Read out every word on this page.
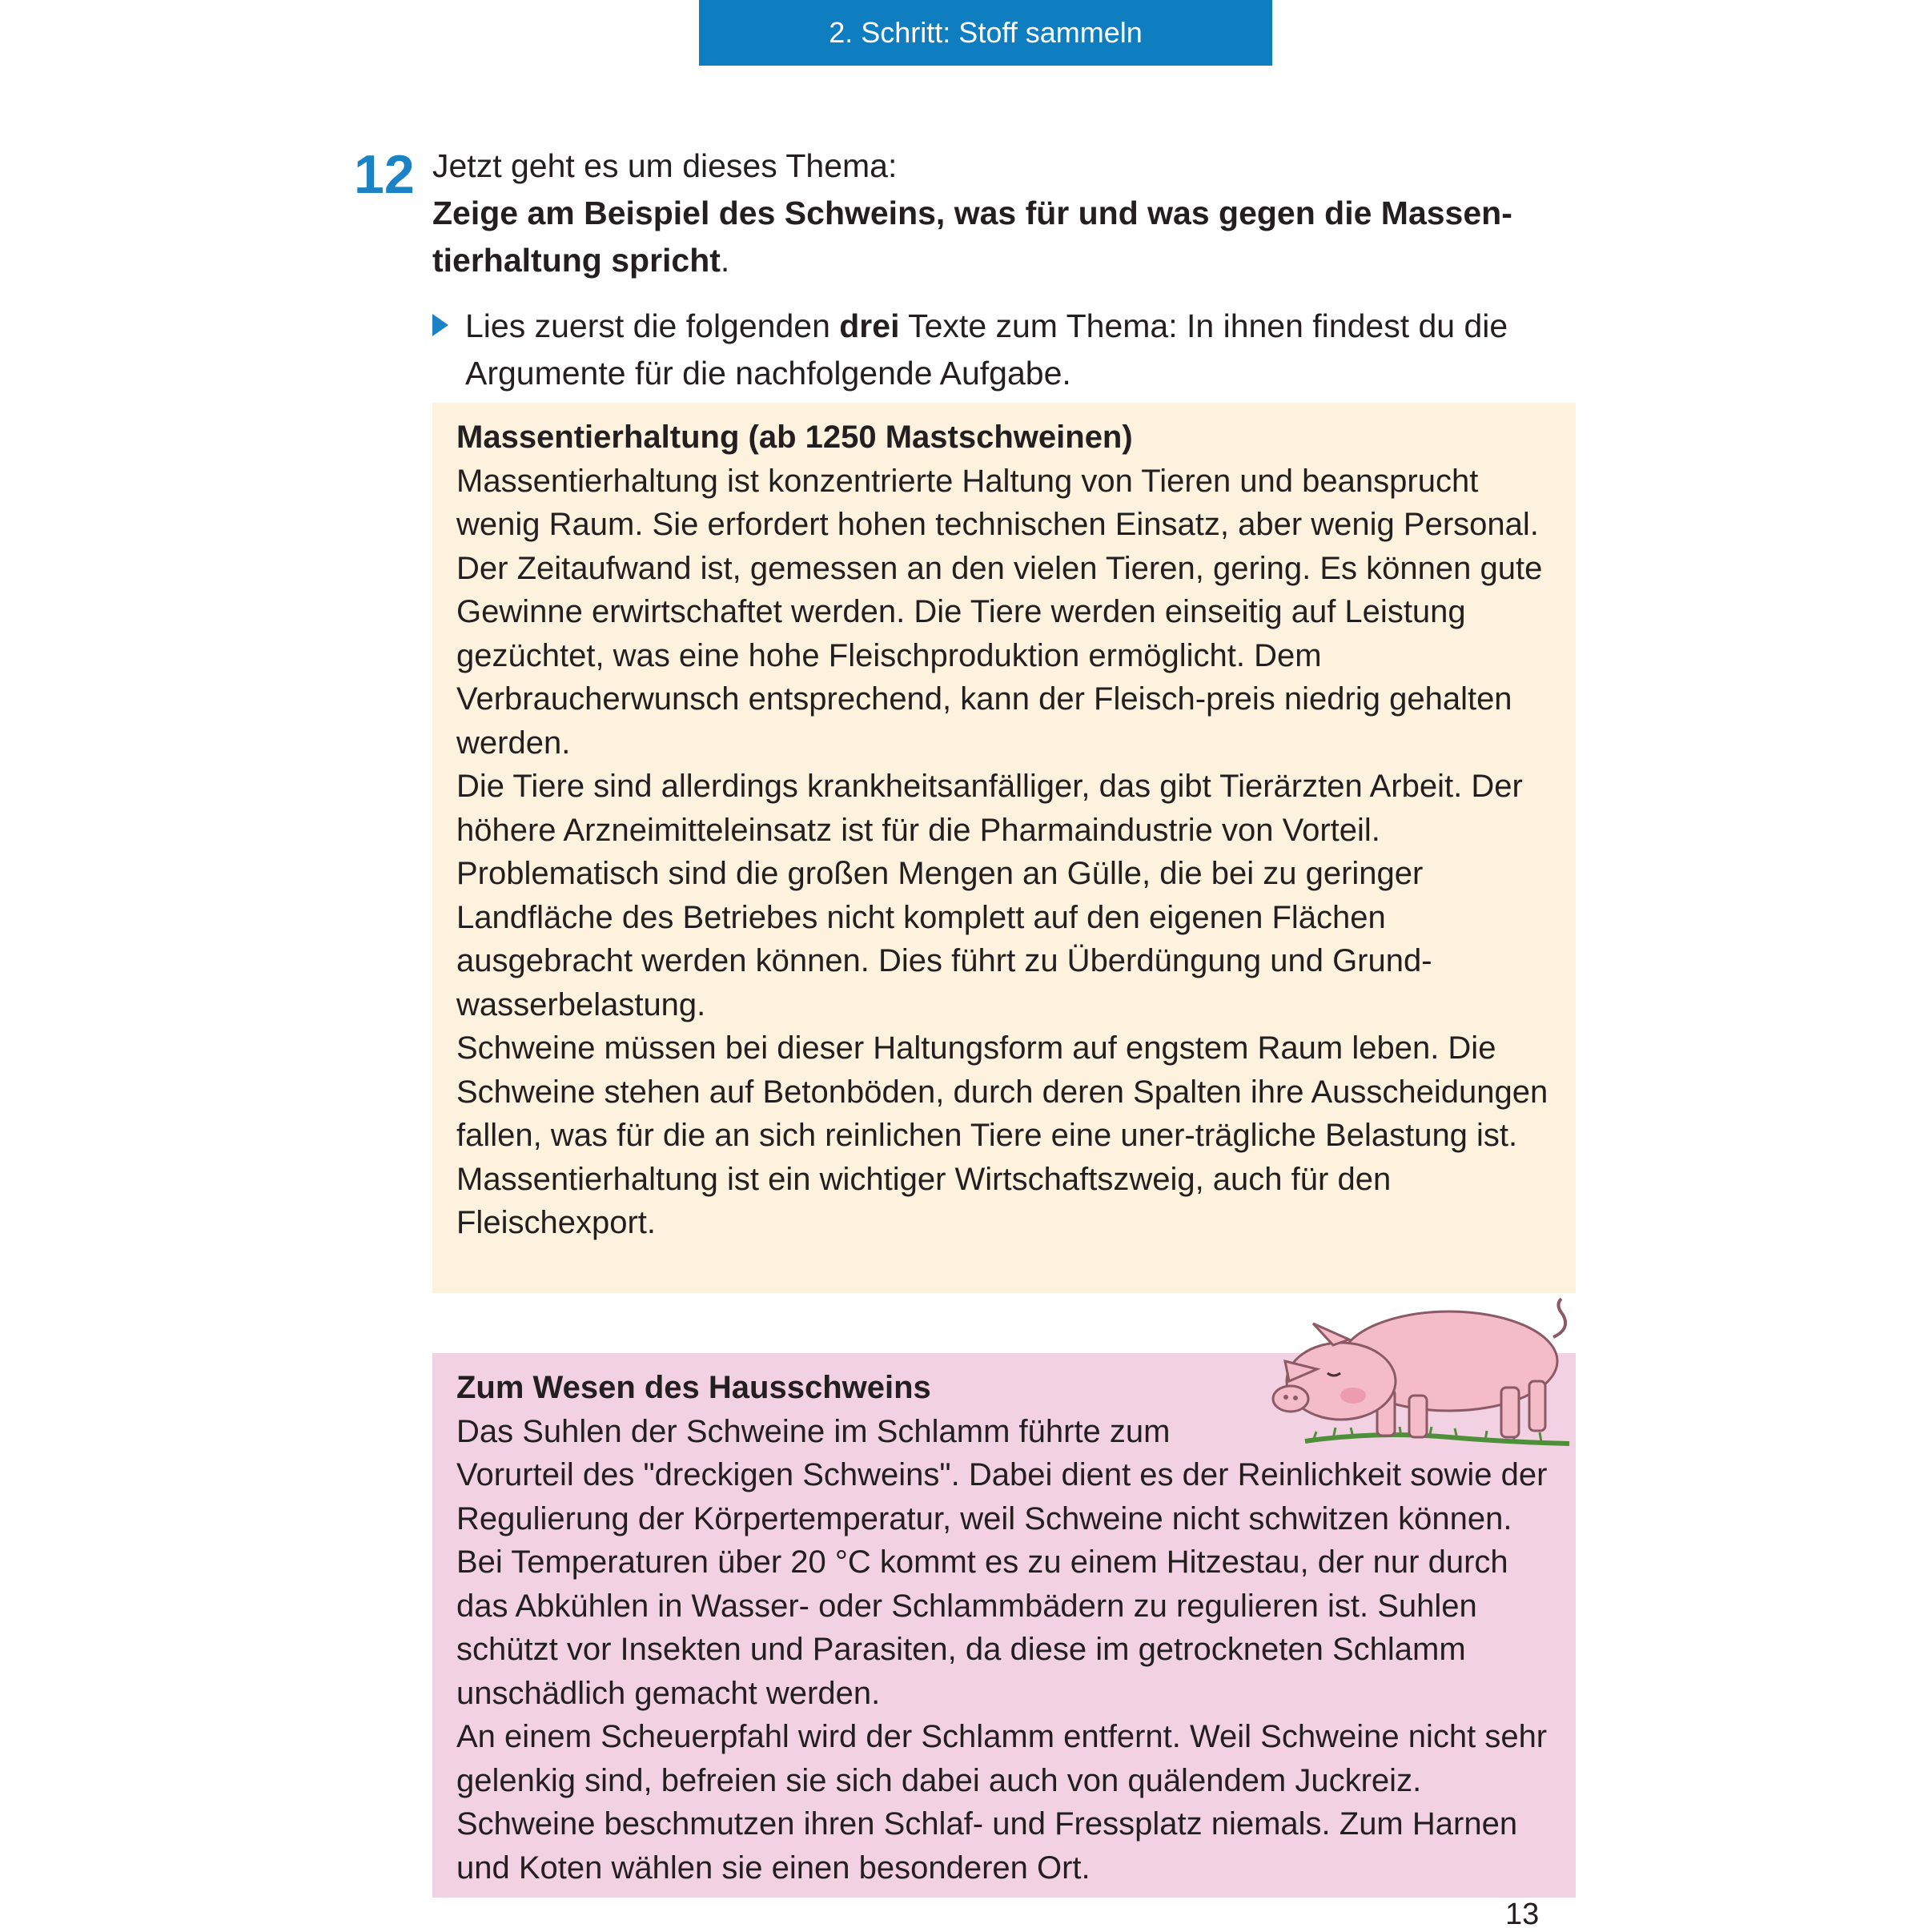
2. Schritt: Stoff sammeln
12 Jetzt geht es um dieses Thema:

Zeige am Beispiel des Schweins, was für und was gegen die Massen-tierhaltung spricht.

Lies zuerst die folgenden drei Texte zum Thema: In ihnen findest du die Argumente für die nachfolgende Aufgabe.

Massentierhaltung (ab 1250 Mastschweinen)

Massentierhaltung ist konzentrierte Haltung von Tieren und beansprucht wenig Raum. Sie erfordert hohen technischen Einsatz, aber wenig Personal. Der Zeitaufwand ist, gemessen an den vielen Tieren, gering. Es können gute Gewinne erwirtschaftet werden. Die Tiere werden einseitig auf Leistung gezüchtet, was eine hohe Fleischproduktion ermöglicht. Dem Verbraucherwunsch entsprechend, kann der Fleisch-preis niedrig gehalten werden.

Die Tiere sind allerdings krankheitsanfälliger, das gibt Tierärzten Arbeit. Der höhere Arzneimitteleinsatz ist für die Pharmaindustrie von Vorteil. Problematisch sind die großen Mengen an Gülle, die bei zu geringer Landfläche des Betriebes nicht komplett auf den eigenen Flächen ausgebracht werden können. Dies führt zu Überdüngung und Grund-wasserbelastung.

Schweine müssen bei dieser Haltungsform auf engstem Raum leben. Die Schweine stehen auf Betonböden, durch deren Spalten ihre Ausscheidungen fallen, was für die an sich reinlichen Tiere eine uner-trägliche Belastung ist.

Massentierhaltung ist ein wichtiger Wirtschaftszweig, auch für den Fleischexport.

Zum Wesen des Hausschweins

Das Suhlen der Schweine im Schlamm führte zum

Vorurteil des "dreckigen Schweins". Dabei dient es der Reinlichkeit sowie der Regulierung der Körpertemperatur, weil Schweine nicht schwitzen können. Bei Temperaturen über 20 °C kommt es zu einem Hitzestau, der nur durch das Abkühlen in Wasser- oder Schlammbädern zu regulieren ist. Suhlen schützt vor Insekten und Parasiten, da diese im getrockneten Schlamm unschädlich gemacht werden.

An einem Scheuerpfahl wird der Schlamm entfernt. Weil Schweine nicht sehr gelenkig sind, befreien sie sich dabei auch von quälendem Juckreiz. Schweine beschmutzen ihren Schlaf- und Fressplatz niemals. Zum Harnen und Koten wählen sie einen besonderen Ort.

13
